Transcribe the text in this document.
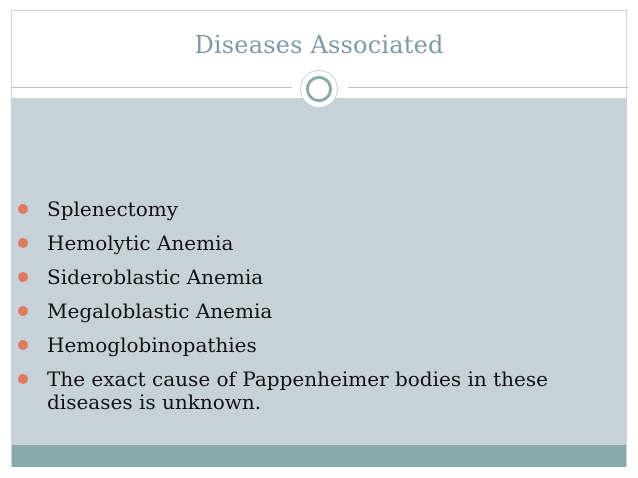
Diseases Associated
Splenectomy
Hemolytic Anemia
Sideroblastic Anemia
Megaloblastic Anemia
Hemoglobinopathies
The exact cause of Pappenheimer bodies in these diseases is unknown.
